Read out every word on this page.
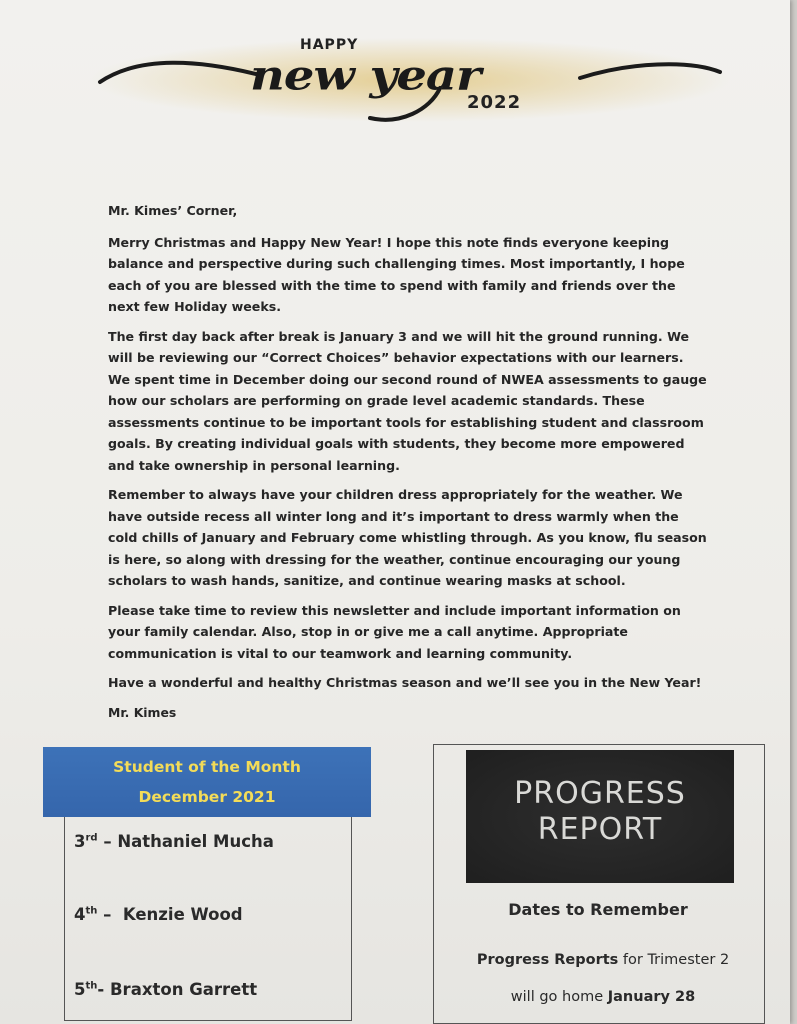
HAPPY
new year
2022

Mr. Kimes’ Corner,

Merry Christmas and Happy New Year! I hope this note finds everyone keeping balance and perspective during such challenging times. Most importantly, I hope each of you are blessed with the time to spend with family and friends over the next few Holiday weeks.

The first day back after break is January 3 and we will hit the ground running. We will be reviewing our “Correct Choices” behavior expectations with our learners. We spent time in December doing our second round of NWEA assessments to gauge how our scholars are performing on grade level academic standards. These assessments continue to be important tools for establishing student and classroom goals. By creating individual goals with students, they become more empowered and take ownership in personal learning.

Remember to always have your children dress appropriately for the weather. We have outside recess all winter long and it’s important to dress warmly when the cold chills of January and February come whistling through. As you know, flu season is here, so along with dressing for the weather, continue encouraging our young scholars to wash hands, sanitize, and continue wearing masks at school.

Please take time to review this newsletter and include important information on your family calendar. Also, stop in or give me a call anytime. Appropriate communication is vital to our teamwork and learning community.

Have a wonderful and healthy Christmas season and we’ll see you in the New Year!

Mr. Kimes

Student of the Month
December 2021
3rd – Nathaniel Mucha
4th –  Kenzie Wood
5th- Braxton Garrett
PROGRESS
REPORT
Dates to Remember
Progress Reports for Trimester 2
will go home January 28
